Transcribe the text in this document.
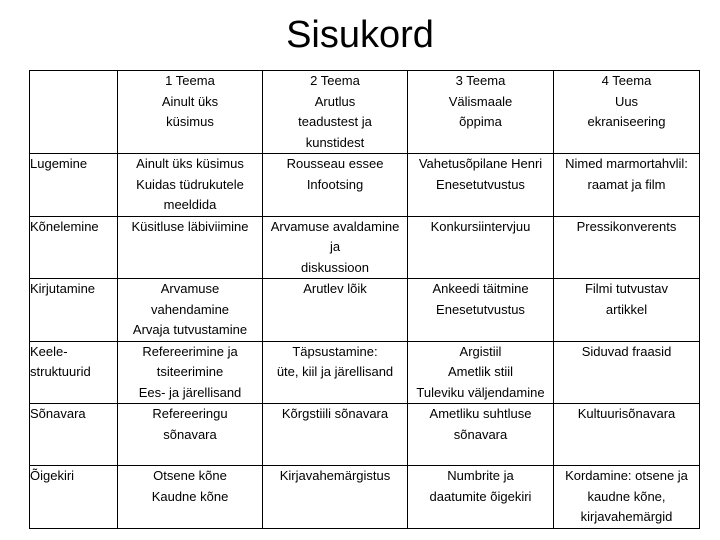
Sisukord

	1 Teema
Ainult üks
küsimus	2 Teema
Arutlus
teadustest ja
kunstidest	3 Teema
Välismaale
õppima	4 Teema
Uus
ekraniseering

Lugemine	Ainult üks küsimus
Kuidas tüdrukutele
meeldida	Rousseau essee
Infootsing	Vahetusõpilane Henri
Enesetutvustus	Nimed marmortahvlil:
raamat ja film

Kõnelemine	Küsitluse läbiviimine	Arvamuse avaldamine
ja
diskussioon	Konkursiintervjuu	Pressikonverents

Kirjutamine	Arvamuse
vahendamine
Arvaja tutvustamine	Arutlev lõik	Ankeedi täitmine
Enesetutvustus	Filmi tutvustav
artikkel

Keele-
struktuurid	Refereerimine ja
tsiteerimine
Ees- ja järellisand	Täpsustamine:
üte, kiil ja järellisand	Argistiil
Ametlik stiil
Tuleviku väljendamine	Siduvad fraasid

Sõnavara	Refereeringu
sõnavara	Kõrgstiili sõnavara	Ametliku suhtluse
sõnavara	Kultuurisõnavara

Õigekiri	Otsene kõne
Kaudne kõne	Kirjavahemärgistus	Numbrite ja
daatumite õigekiri	Kordamine: otsene ja
kaudne kõne,
kirjavahemärgid
